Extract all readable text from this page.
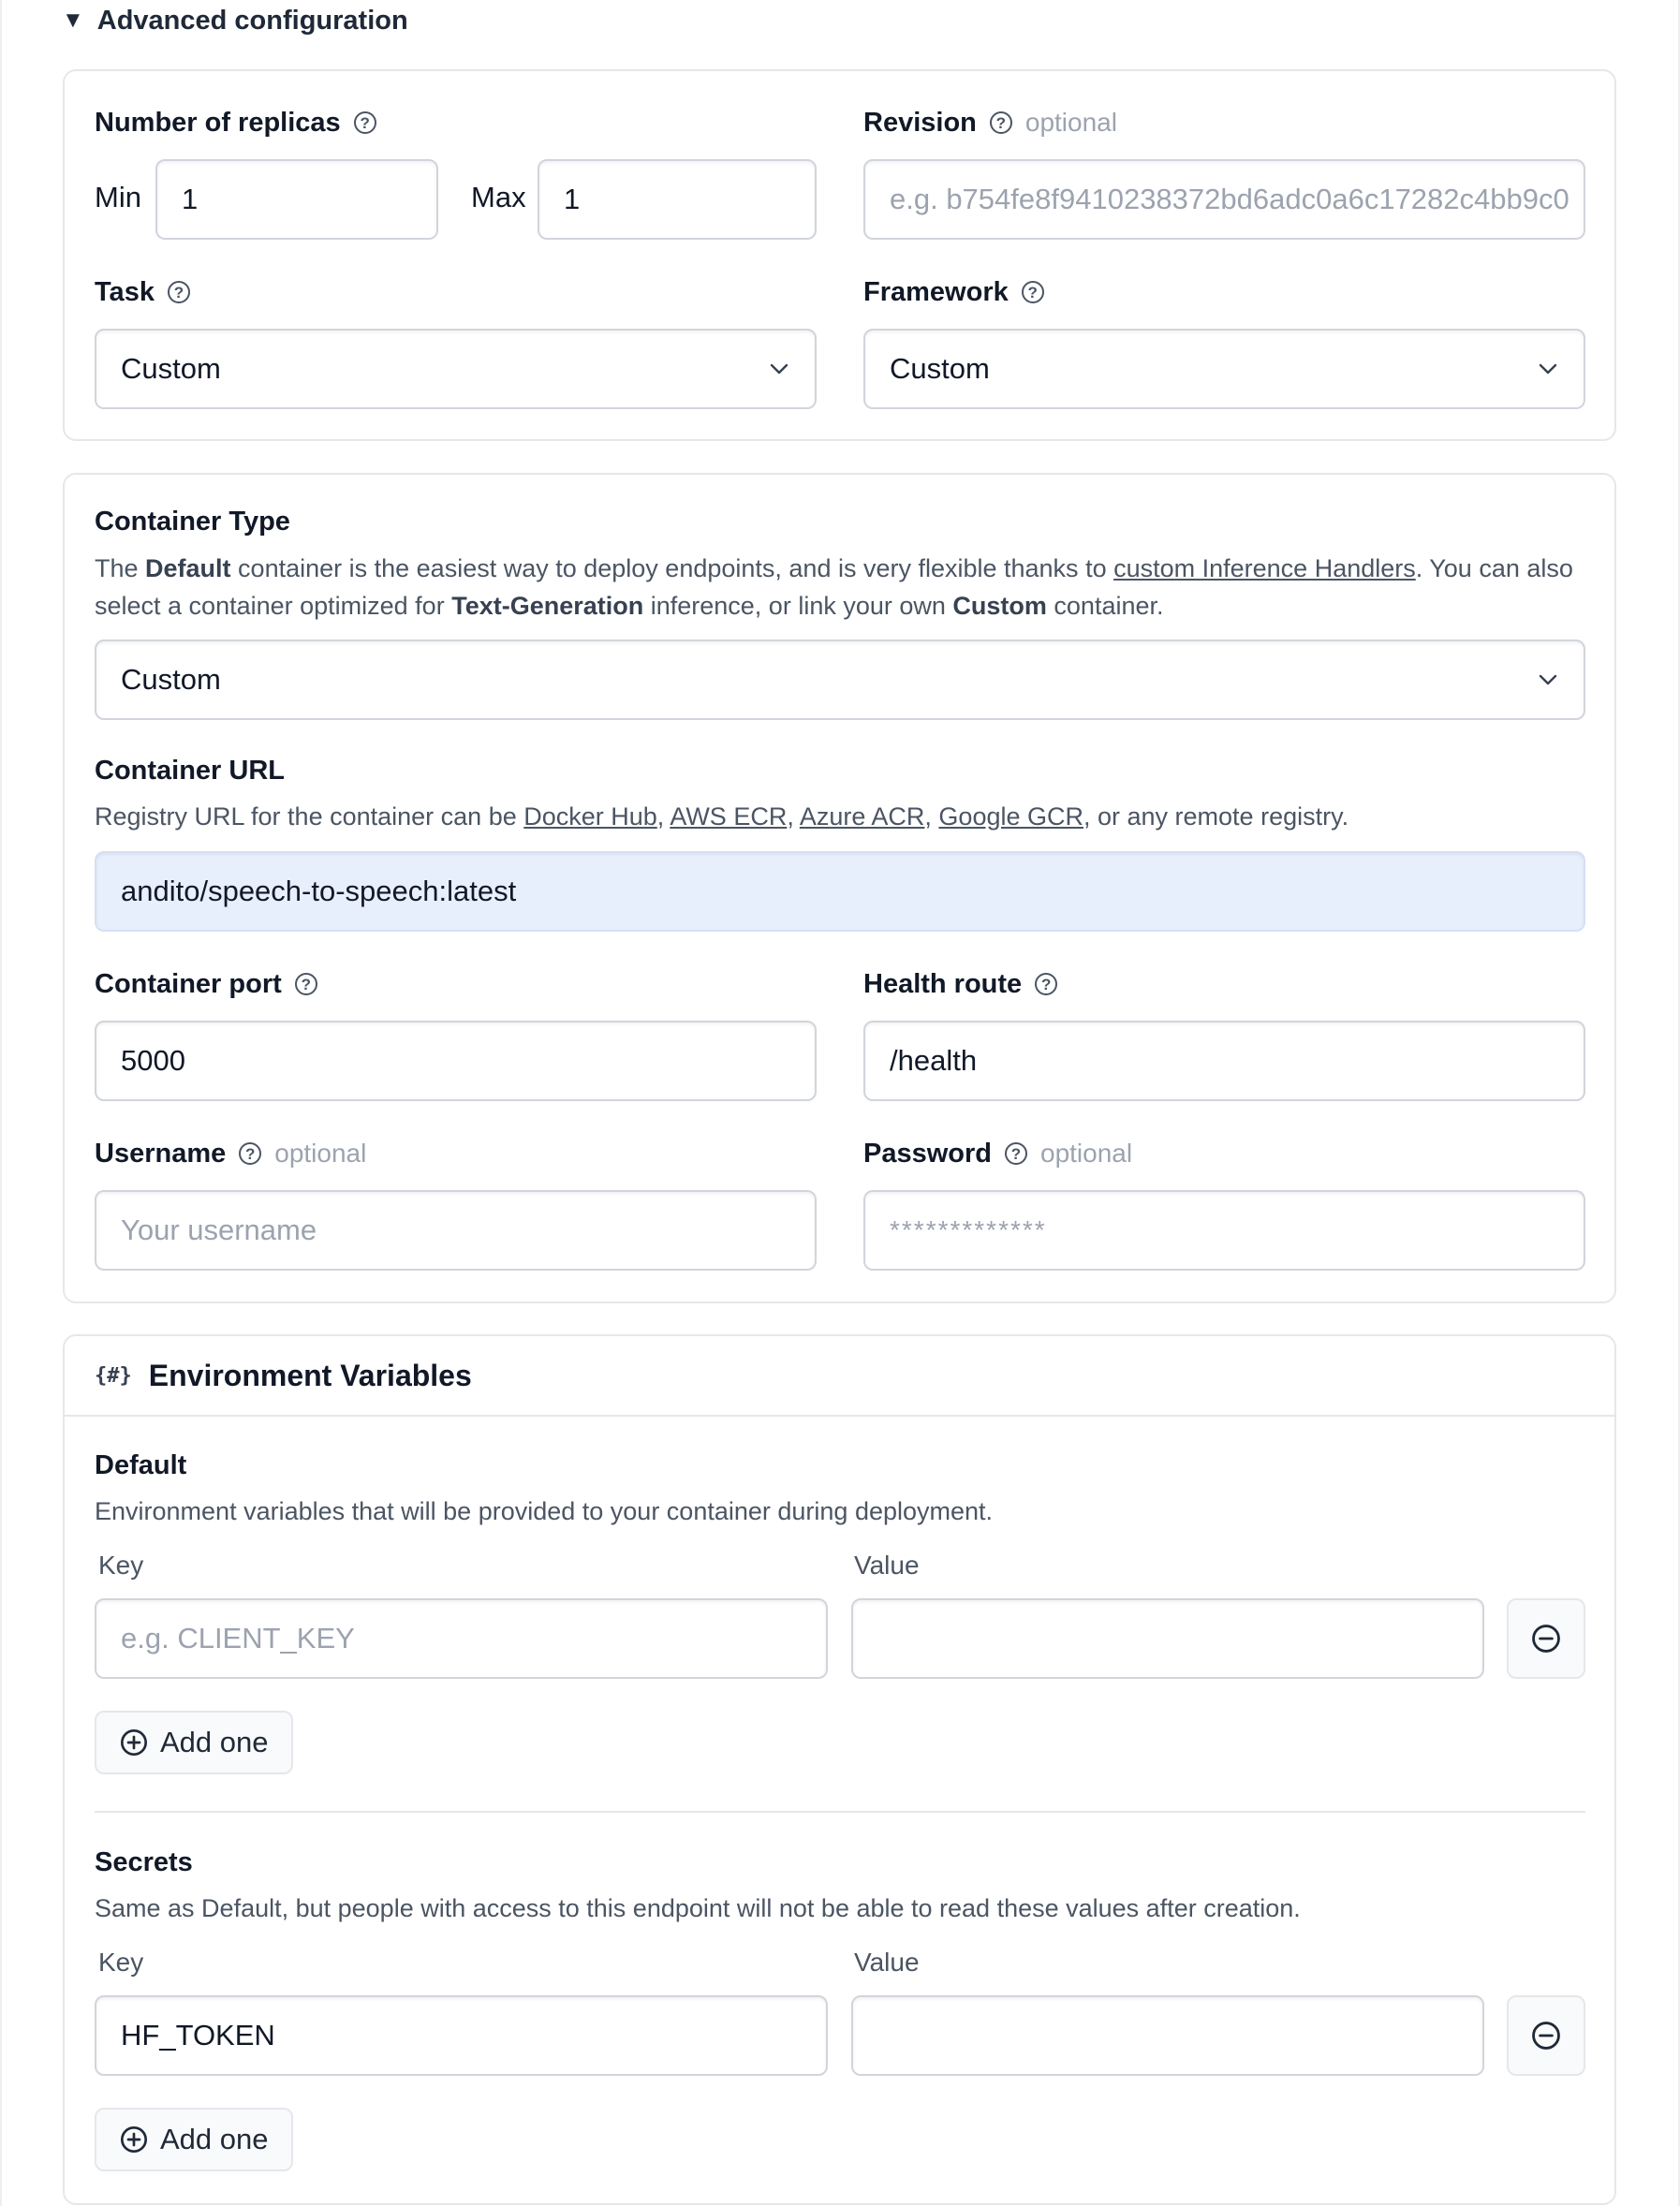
▼ Advanced configuration
Number of replicas	?
Min	1	Max	1
Revision	? optional
e.g. b754fe8f9410238372bd6adc0a6c17282c4bb9c0
Task	?
Custom
Framework	?
Custom
Container Type
The Default container is the easiest way to deploy endpoints, and is very flexible thanks to custom Inference Handlers. You can also select a container optimized for Text-Generation inference, or link your own Custom container.
Custom
Container URL
Registry URL for the container can be Docker Hub, AWS ECR, Azure ACR, Google GCR, or any remote registry.
andito/speech-to-speech:latest
Container port	?
5000
Health route	?
/health
Username	? optional
Your username
Password	? optional
*************
{#} Environment Variables
Default
Environment variables that will be provided to your container during deployment.
Key	Value
e.g. CLIENT_KEY
Add one
Secrets
Same as Default, but people with access to this endpoint will not be able to read these values after creation.
Key	Value
HF_TOKEN
Add one
